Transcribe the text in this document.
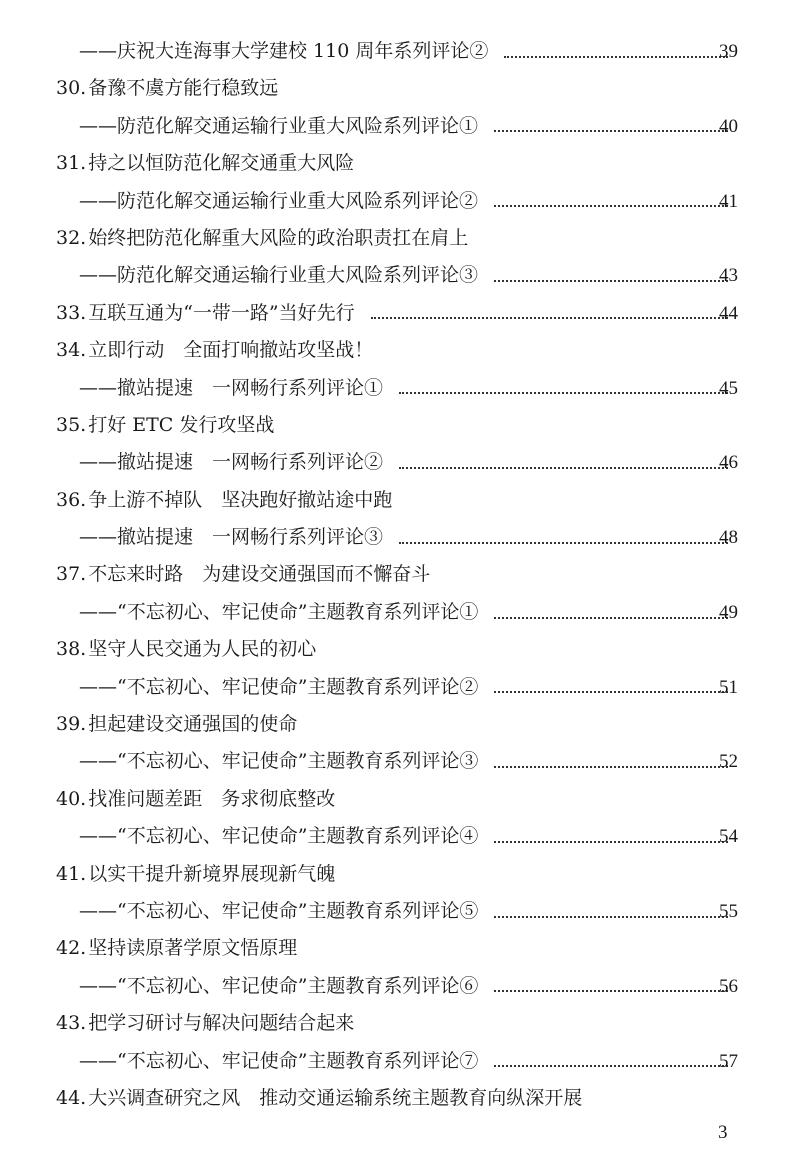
——庆祝大连海事大学建校 110 周年系列评论②	39
30. 备豫不虞方能行稳致远
——防范化解交通运输行业重大风险系列评论①	40
31. 持之以恒防范化解交通重大风险
——防范化解交通运输行业重大风险系列评论②	41
32. 始终把防范化解重大风险的政治职责扛在肩上
——防范化解交通运输行业重大风险系列评论③	43
33. 互联互通为“一带一路”当好先行	44
34. 立即行动　全面打响撤站攻坚战！
——撤站提速　一网畅行系列评论①	45
35. 打好 ETC 发行攻坚战
——撤站提速　一网畅行系列评论②	46
36. 争上游不掉队　坚决跑好撤站途中跑
——撤站提速　一网畅行系列评论③	48
37. 不忘来时路　为建设交通强国而不懈奋斗
——“不忘初心、牢记使命”主题教育系列评论①	49
38. 坚守人民交通为人民的初心
——“不忘初心、牢记使命”主题教育系列评论②	51
39. 担起建设交通强国的使命
——“不忘初心、牢记使命”主题教育系列评论③	52
40. 找准问题差距　务求彻底整改
——“不忘初心、牢记使命”主题教育系列评论④	54
41. 以实干提升新境界展现新气魄
——“不忘初心、牢记使命”主题教育系列评论⑤	55
42. 坚持读原著学原文悟原理
——“不忘初心、牢记使命”主题教育系列评论⑥	56
43. 把学习研讨与解决问题结合起来
——“不忘初心、牢记使命”主题教育系列评论⑦	57
44. 大兴调查研究之风　推动交通运输系统主题教育向纵深开展
3
